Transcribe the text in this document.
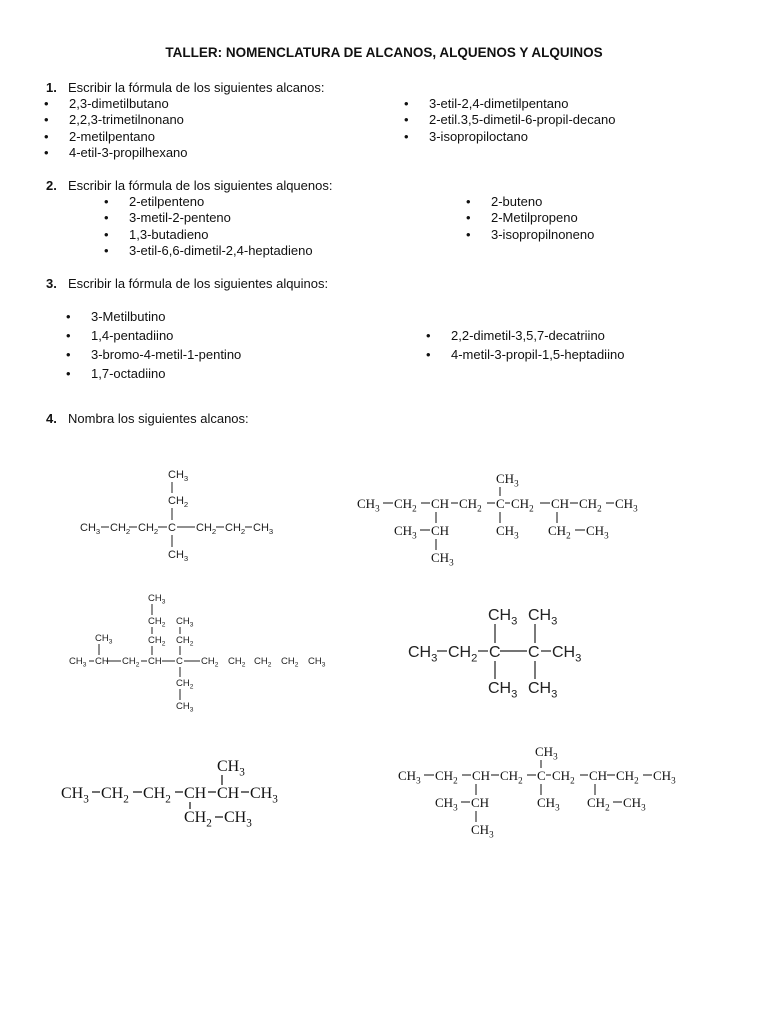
TALLER: NOMENCLATURA DE ALCANOS, ALQUENOS Y ALQUINOS
1. Escribir la fórmula de los siguientes alcanos:
• 2,3-dimetilbutano
• 2,2,3-trimetilnonano
• 2-metilpentano
• 4-etil-3-propilhexano
• 3-etil-2,4-dimetilpentano
• 2-etil.3,5-dimetil-6-propil-decano
• 3-isopropiloctano
2. Escribir la fórmula de los siguientes alquenos:
• 2-etilpenteno
• 3-metil-2-penteno
• 1,3-butadieno
• 3-etil-6,6-dimetil-2,4-heptadieno
• 2-buteno
• 2-Metilpropeno
• 3-isopropilnoneno
3. Escribir la fórmula de los siguientes alquinos:
• 3-Metilbutino
• 1,4-pentadiino
• 3-bromo-4-metil-1-pentino
• 1,7-octadiino
• 2,2-dimetil-3,5,7-decatriino
• 4-metil-3-propil-1,5-heptadiino
4. Nombra los siguientes alcanos:
$CH_3$
$CH_2$
$CH_3$ $CH_2$ $CH_2$ C $CH_2$ $CH_2$ $CH_3$
$CH_3$
$CH_3$
$CH_3$ $CH_2$ CH $CH_2$ C $CH_2$ CH $CH_2$ $CH_3$
$CH_3$ CH
$CH_3$
$CH_3$ $CH_2$ $CH_3$
$CH_3$
$CH_2$
$CH_2$
$CH_3$
$CH_2$
$CH_3$
$CH_3$ CH $CH_2$ CH C $CH_2$ $CH_2$ $CH_2$ $CH_2$ $CH_3$
$CH_2$
$CH_3$
$CH_3$ $CH_3$
$CH_3$ $CH_2$ C C $CH_3$
$CH_3$ $CH_3$
$CH_3$
$CH_3$ $CH_2$ $CH_2$ CH CH $CH_3$
$CH_2$ $CH_3$
$CH_3$
$CH_3$ $CH_2$ CH $CH_2$ C $CH_2$ CH $CH_2$ $CH_3$
$CH_3$ CH
$CH_3$
$CH_3$ $CH_2$ $CH_3$
